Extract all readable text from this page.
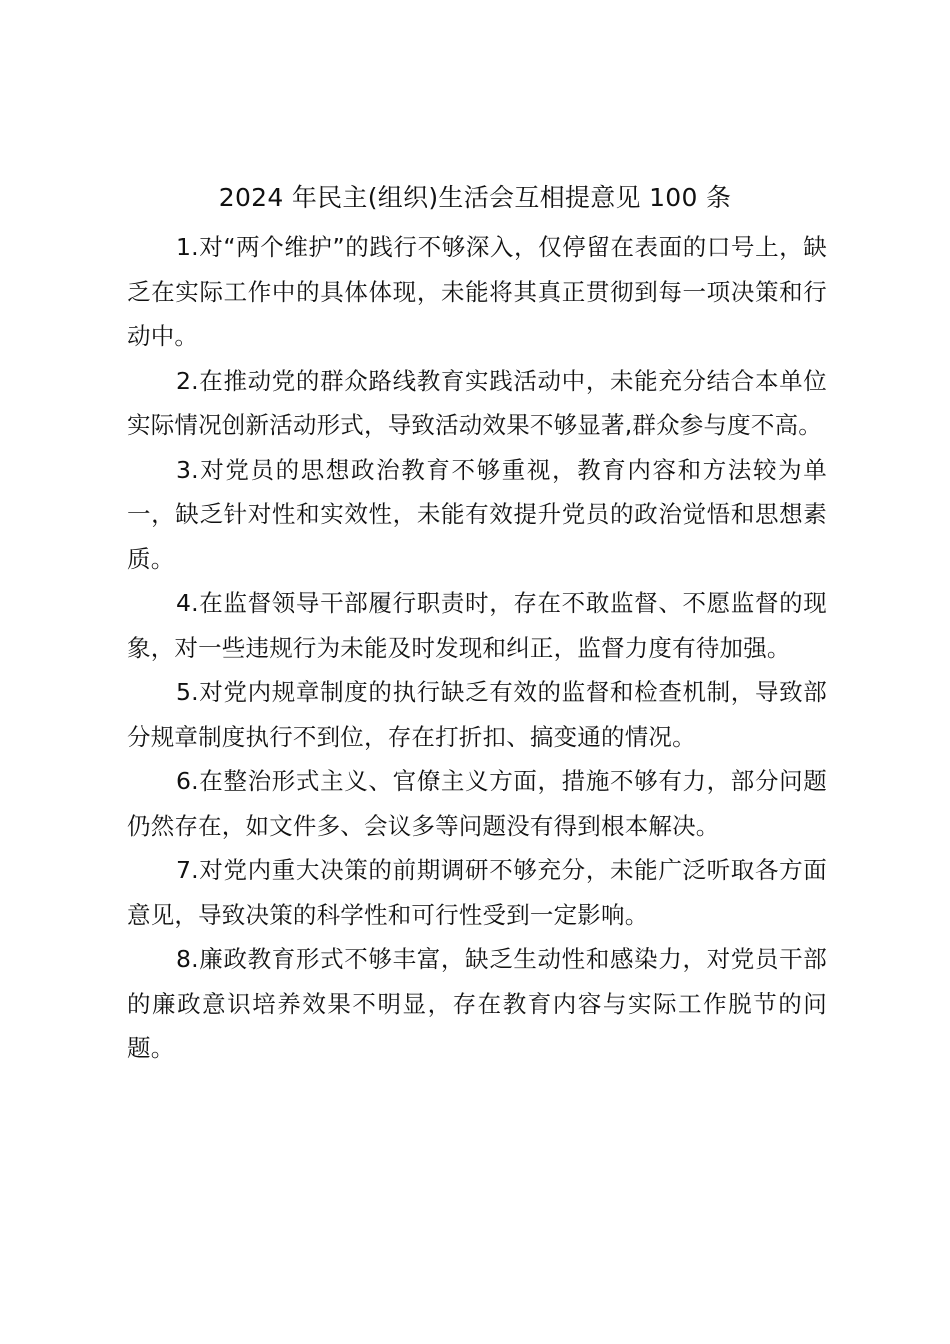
2024 年民主(组织)生活会互相提意见 100 条

1.对“两个维护”的践行不够深入，仅停留在表面的口号上，缺乏在实际工作中的具体体现，未能将其真正贯彻到每一项决策和行动中。

2.在推动党的群众路线教育实践活动中，未能充分结合本单位实际情况创新活动形式，导致活动效果不够显著,群众参与度不高。

3.对党员的思想政治教育不够重视，教育内容和方法较为单一，缺乏针对性和实效性，未能有效提升党员的政治觉悟和思想素质。

4.在监督领导干部履行职责时，存在不敢监督、不愿监督的现象，对一些违规行为未能及时发现和纠正，监督力度有待加强。

5.对党内规章制度的执行缺乏有效的监督和检查机制，导致部分规章制度执行不到位，存在打折扣、搞变通的情况。

6.在整治形式主义、官僚主义方面，措施不够有力，部分问题仍然存在，如文件多、会议多等问题没有得到根本解决。

7.对党内重大决策的前期调研不够充分，未能广泛听取各方面意见，导致决策的科学性和可行性受到一定影响。

8.廉政教育形式不够丰富，缺乏生动性和感染力，对党员干部的廉政意识培养效果不明显，存在教育内容与实际工作脱节的问题。
